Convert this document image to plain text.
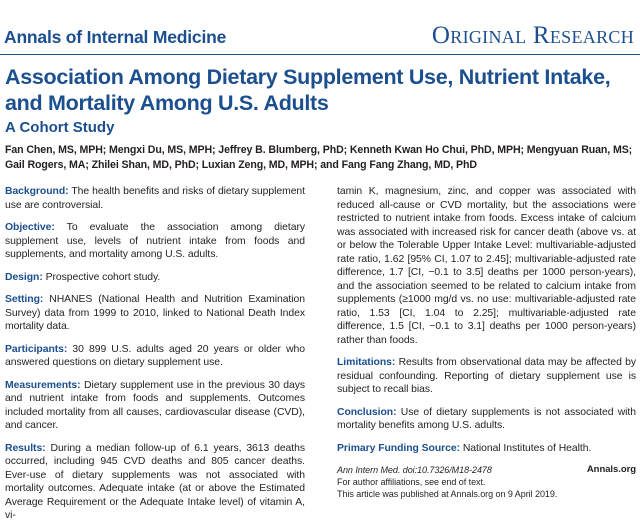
Annals of Internal Medicine	Original Research
Association Among Dietary Supplement Use, Nutrient Intake, and Mortality Among U.S. Adults
A Cohort Study
Fan Chen, MS, MPH; Mengxi Du, MS, MPH; Jeffrey B. Blumberg, PhD; Kenneth Kwan Ho Chui, PhD, MPH; Mengyuan Ruan, MS; Gail Rogers, MA; Zhilei Shan, MD, PhD; Luxian Zeng, MD, MPH; and Fang Fang Zhang, MD, PhD

Background: The health benefits and risks of dietary supplement use are controversial.

Objective: To evaluate the association among dietary supplement use, levels of nutrient intake from foods and supplements, and mortality among U.S. adults.

Design: Prospective cohort study.

Setting: NHANES (National Health and Nutrition Examination Survey) data from 1999 to 2010, linked to National Death Index mortality data.

Participants: 30 899 U.S. adults aged 20 years or older who answered questions on dietary supplement use.

Measurements: Dietary supplement use in the previous 30 days and nutrient intake from foods and supplements. Outcomes included mortality from all causes, cardiovascular disease (CVD), and cancer.

Results: During a median follow-up of 6.1 years, 3613 deaths occurred, including 945 CVD deaths and 805 cancer deaths. Ever-use of dietary supplements was not associated with mortality outcomes. Adequate intake (at or above the Estimated Average Requirement or the Adequate Intake level) of vitamin A, vi-

tamin K, magnesium, zinc, and copper was associated with reduced all-cause or CVD mortality, but the associations were restricted to nutrient intake from foods. Excess intake of calcium was associated with increased risk for cancer death (above vs. at or below the Tolerable Upper Intake Level: multivariable-adjusted rate ratio, 1.62 [95% CI, 1.07 to 2.45]; multivariable-adjusted rate difference, 1.7 [CI, −0.1 to 3.5] deaths per 1000 person-years), and the association seemed to be related to calcium intake from supplements (≥1000 mg/d vs. no use: multivariable-adjusted rate ratio, 1.53 [CI, 1.04 to 2.25]; multivariable-adjusted rate difference, 1.5 [CI, −0.1 to 3.1] deaths per 1000 person-years) rather than foods.

Limitations: Results from observational data may be affected by residual confounding. Reporting of dietary supplement use is subject to recall bias.

Conclusion: Use of dietary supplements is not associated with mortality benefits among U.S. adults.

Primary Funding Source: National Institutes of Health.

Ann Intern Med. doi:10.7326/M18-2478	Annals.org
For author affiliations, see end of text.
This article was published at Annals.org on 9 April 2019.
